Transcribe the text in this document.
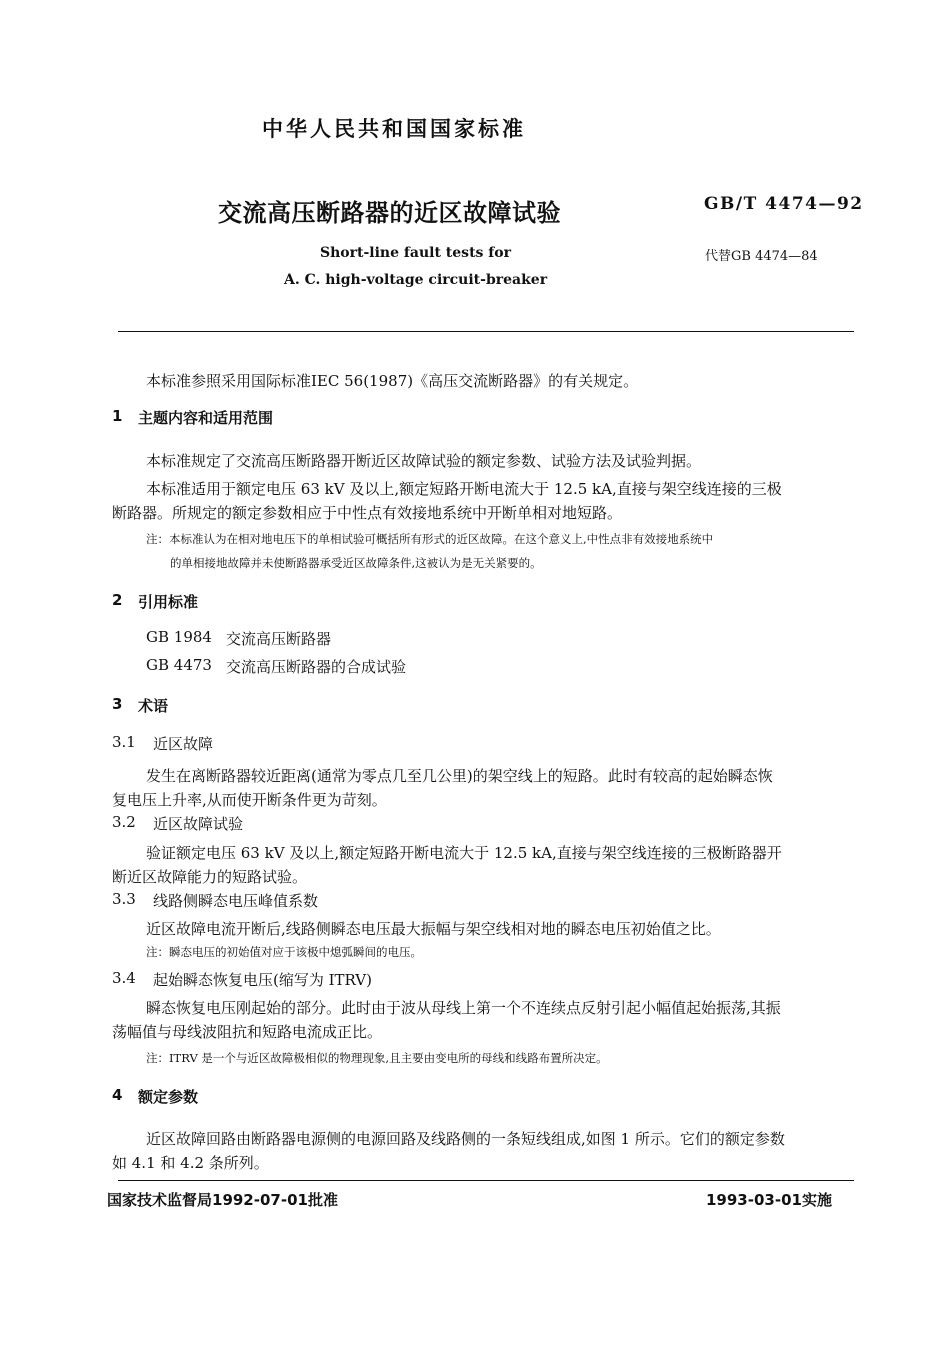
中华人民共和国国家标准
交流高压断路器的近区故障试验	GB/T 4474—92
Short-line fault tests for	代替GB 4474—84
A. C. high-voltage circuit-breaker
本标准参照采用国际标准IEC 56(1987)《高压交流断路器》的有关规定。
1 主题内容和适用范围
本标准规定了交流高压断路器开断近区故障试验的额定参数、试验方法及试验判据。
本标准适用于额定电压 63 kV 及以上,额定短路开断电流大于 12.5 kA,直接与架空线连接的三极
断路器。所规定的额定参数相应于中性点有效接地系统中开断单相对地短路。
注：本标准认为在相对地电压下的单相试验可概括所有形式的近区故障。在这个意义上,中性点非有效接地系统中
的单相接地故障并未使断路器承受近区故障条件,这被认为是无关紧要的。
2 引用标准
GB 1984 交流高压断路器
GB 4473 交流高压断路器的合成试验
3 术语
3.1 近区故障
发生在离断路器较近距离(通常为零点几至几公里)的架空线上的短路。此时有较高的起始瞬态恢
复电压上升率,从而使开断条件更为苛刻。
3.2 近区故障试验
验证额定电压 63 kV 及以上,额定短路开断电流大于 12.5 kA,直接与架空线连接的三极断路器开
断近区故障能力的短路试验。
3.3 线路侧瞬态电压峰值系数
近区故障电流开断后,线路侧瞬态电压最大振幅与架空线相对地的瞬态电压初始值之比。
注：瞬态电压的初始值对应于该极中熄弧瞬间的电压。
3.4 起始瞬态恢复电压(缩写为 ITRV)
瞬态恢复电压刚起始的部分。此时由于波从母线上第一个不连续点反射引起小幅值起始振荡,其振
荡幅值与母线波阻抗和短路电流成正比。
注：ITRV 是一个与近区故障极相似的物理现象,且主要由变电所的母线和线路布置所决定。
4 额定参数
近区故障回路由断路器电源侧的电源回路及线路侧的一条短线组成,如图 1 所示。它们的额定参数
如 4.1 和 4.2 条所列。
国家技术监督局1992-07-01批准	1993-03-01实施
